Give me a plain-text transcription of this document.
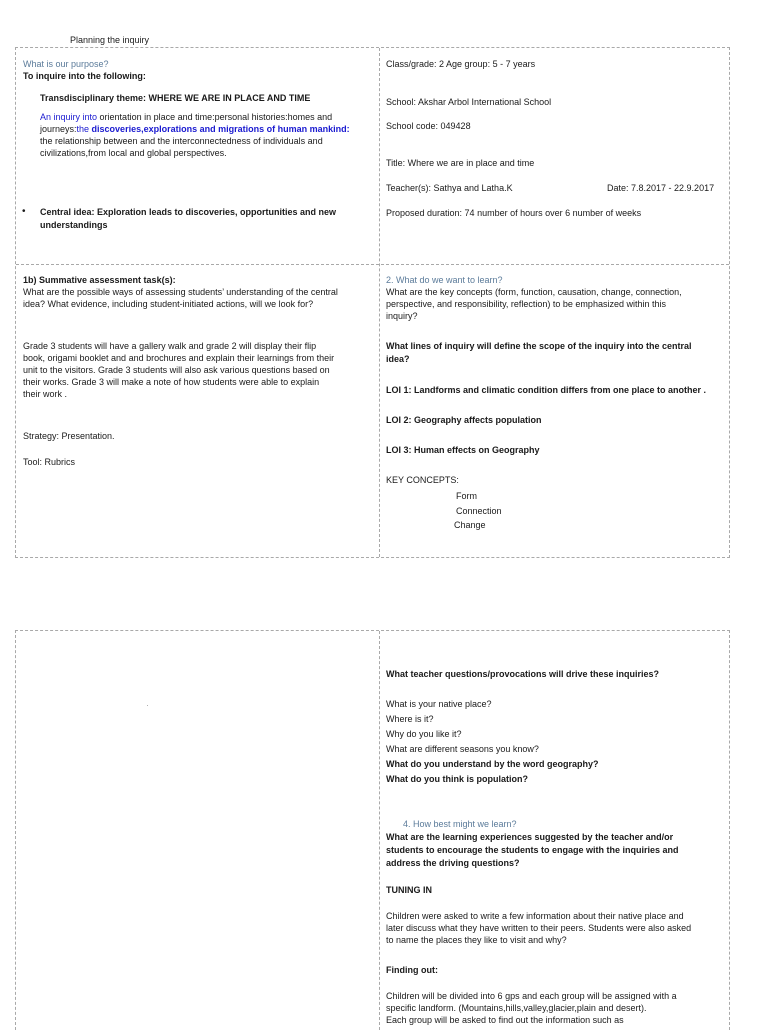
Planning the inquiry
What is our purpose?
To inquire into the following:
Transdisciplinary theme: WHERE WE ARE IN PLACE AND TIME
An inquiry into orientation in place and time:personal histories:homes and
journeys:the discoveries,explorations and migrations of human mankind:
the relationship between and the interconnectedness of individuals and
civilizations,from local and global perspectives.
• Central idea: Exploration leads to discoveries, opportunities and new
understandings
Class/grade: 2 Age group: 5 - 7 years
School: Akshar Arbol International School
School code: 049428
Title: Where we are in place and time
Teacher(s): Sathya and Latha.K	Date: 7.8.2017 - 22.9.2017
Proposed duration: 74 number of hours over 6 number of weeks
1b) Summative assessment task(s):
What are the possible ways of assessing students’ understanding of the central
idea? What evidence, including student-initiated actions, will we look for?
Grade 3 students will have a gallery walk and grade 2 will display their flip
book, origami booklet and and brochures and explain their learnings from their
unit to the visitors. Grade 3 students will also ask various questions based on
their works. Grade 3 will make a note of how students were able to explain
their work .
Strategy: Presentation.
Tool: Rubrics
2. What do we want to learn?
What are the key concepts (form, function, causation, change, connection,
perspective, and responsibility, reflection) to be emphasized within this
inquiry?
What lines of inquiry will define the scope of the inquiry into the central
idea?
LOI 1: Landforms and climatic condition differs from one place to another .
LOI 2: Geography affects population
LOI 3: Human effects on Geography
KEY CONCEPTS:
Form
Connection
Change
What teacher questions/provocations will drive these inquiries?
What is your native place?
Where is it?
Why do you like it?
What are different seasons you know?
What do you understand by the word geography?
What do you think is population?
4. How best might we learn?
What are the learning experiences suggested by the teacher and/or
students to encourage the students to engage with the inquiries and
address the driving questions?
TUNING IN
Children were asked to write a few information about their native place and
later discuss what they have written to their peers. Students were also asked
to name the places they like to visit and why?
Finding out:
Children will be divided into 6 gps and each group will be assigned with a
specific landform. (Mountains,hills,valley,glacier,plain and desert).
Each group will be asked to find out the information such as
